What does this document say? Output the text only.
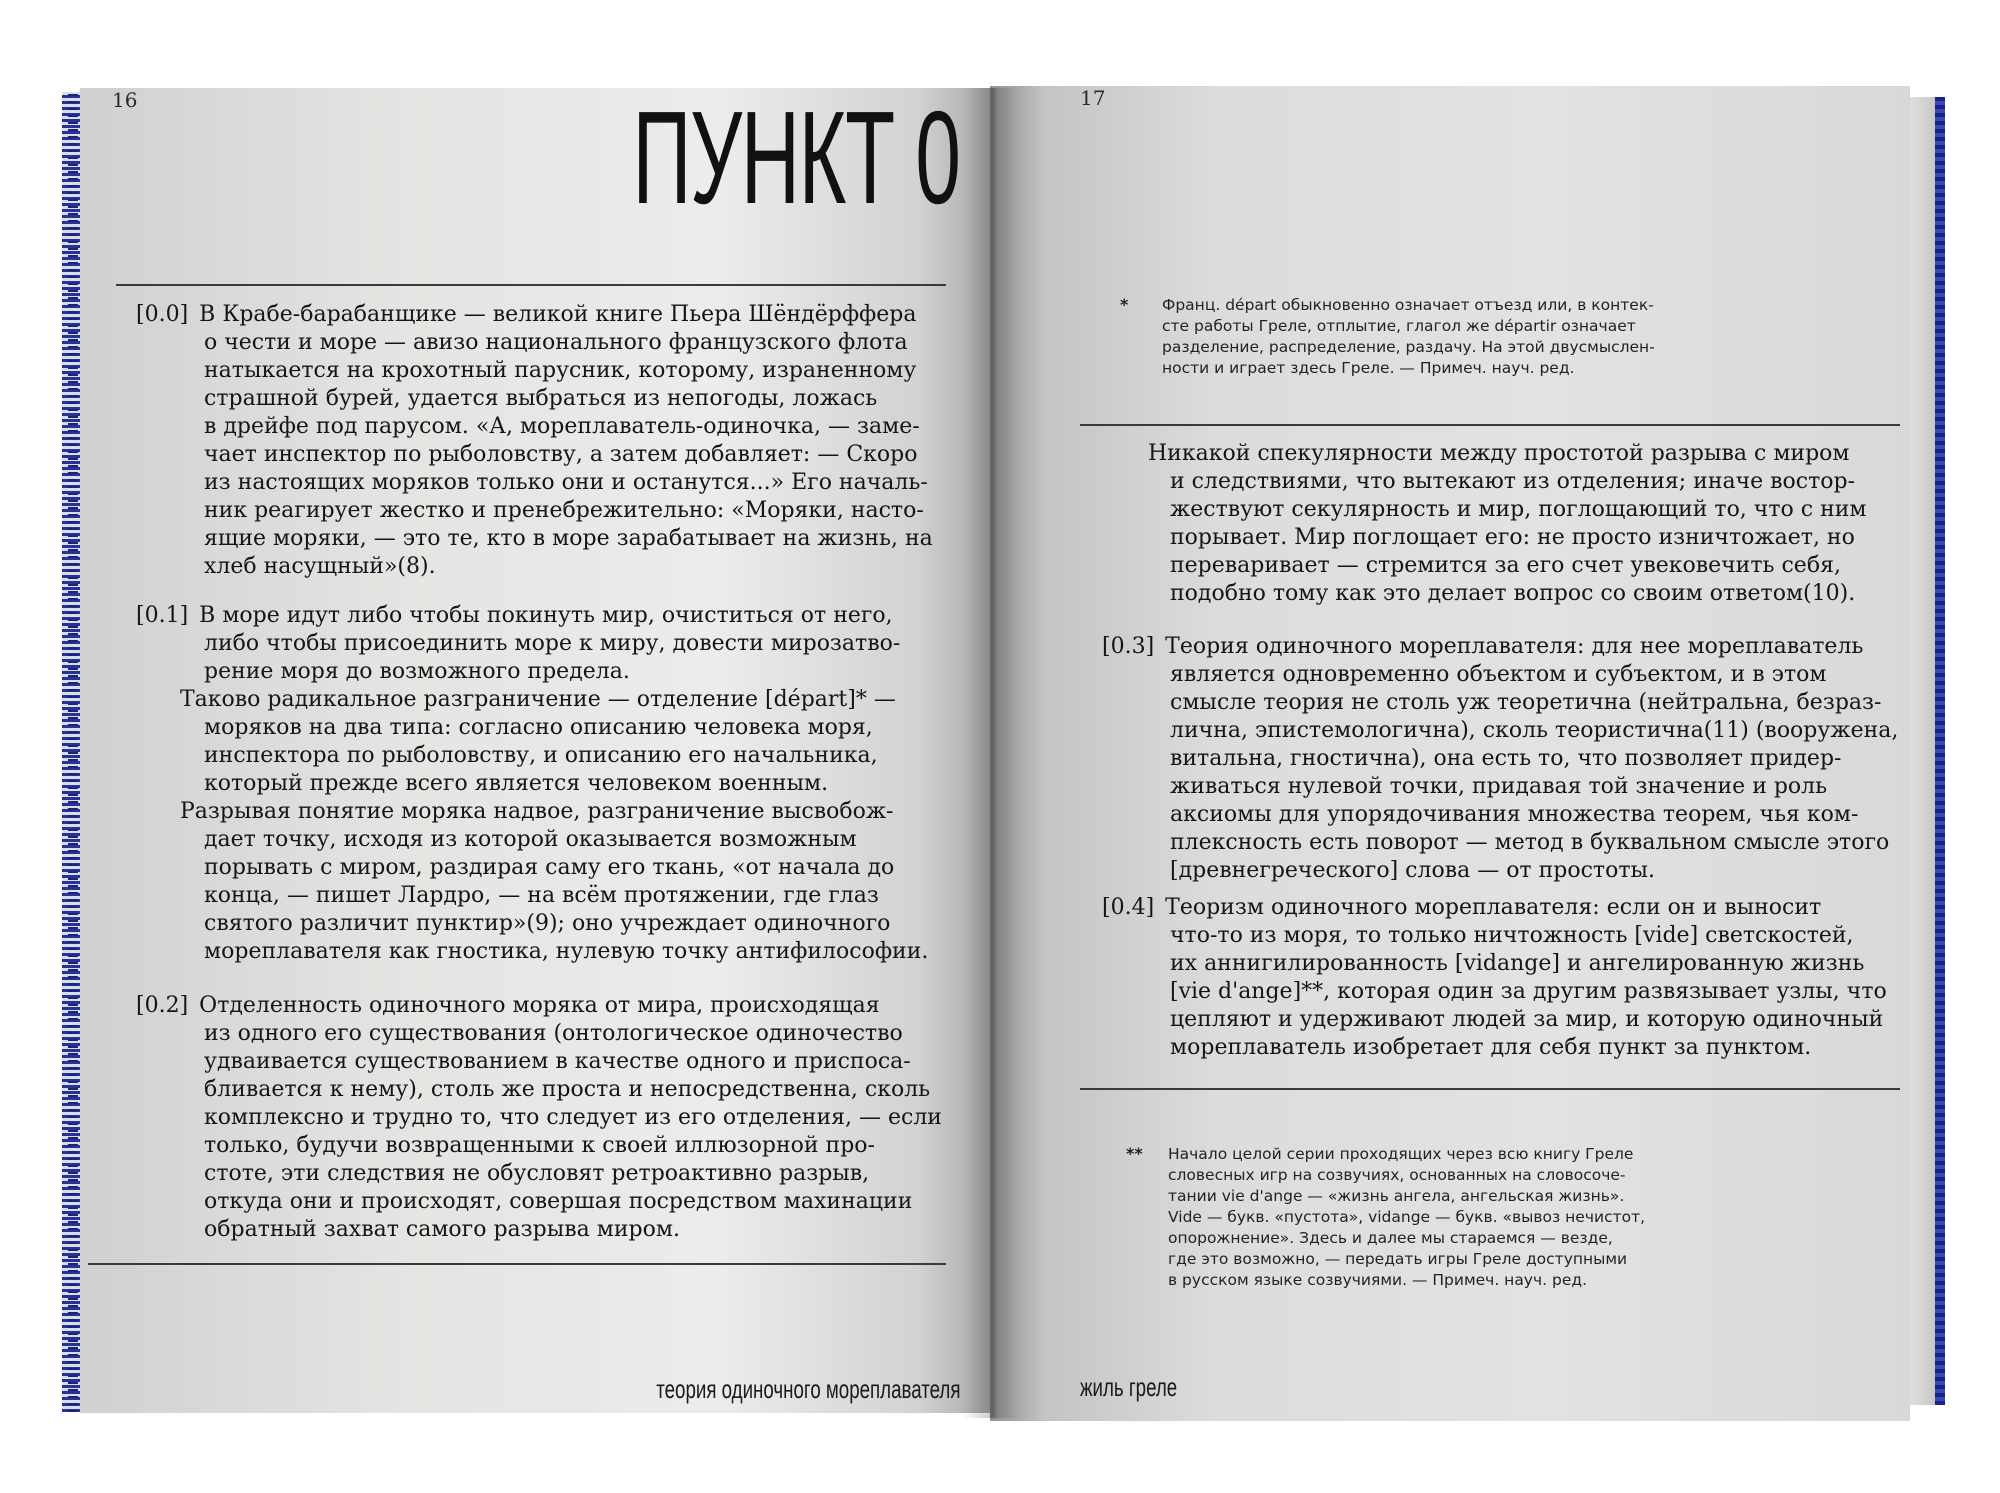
16	ПУНКТ 0
[0.0] В Крабе-барабанщике — великой книге Пьера Шёндёрффера
о чести и море — авизо национального французского флота
натыкается на крохотный парусник, которому, израненному
страшной бурей, удается выбраться из непогоды, ложась
в дрейфе под парусом. «А, мореплаватель-одиночка, — заме-
чает инспектор по рыболовству, а затем добавляет: — Скоро
из настоящих моряков только они и останутся...» Его началь-
ник реагирует жестко и пренебрежительно: «Моряки, насто-
ящие моряки, — это те, кто в море зарабатывает на жизнь, на
хлеб насущный»(8).
[0.1] В море идут либо чтобы покинуть мир, очиститься от него,
либо чтобы присоединить море к миру, довести мирозатво-
рение моря до возможного предела.
Таково радикальное разграничение — отделение [départ]* —
моряков на два типа: согласно описанию человека моря,
инспектора по рыболовству, и описанию его начальника,
который прежде всего является человеком военным.
Разрывая понятие моряка надвое, разграничение высвобож-
дает точку, исходя из которой оказывается возможным
порывать с миром, раздирая саму его ткань, «от начала до
конца, — пишет Лардро, — на всём протяжении, где глаз
святого различит пунктир»(9); оно учреждает одиночного
мореплавателя как гностика, нулевую точку антифилософии.
[0.2] Отделенность одиночного моряка от мира, происходящая
из одного его существования (онтологическое одиночество
удваивается существованием в качестве одного и приспоса-
бливается к нему), столь же проста и непосредственна, сколь
комплексно и трудно то, что следует из его отделения, — если
только, будучи возвращенными к своей иллюзорной про-
стоте, эти следствия не обусловят ретроактивно разрыв,
откуда они и происходят, совершая посредством махинации
обратный захват самого разрыва миром.
теория одиночного мореплавателя
17
* Франц. départ обыкновенно означает отъезд или, в контек-
сте работы Греле, отплытие, глагол же départir означает
разделение, распределение, раздачу. На этой двусмыслен-
ности и играет здесь Греле. — Примеч. науч. ред.
Никакой спекулярности между простотой разрыва с миром
и следствиями, что вытекают из отделения; иначе востор-
жествуют секулярность и мир, поглощающий то, что с ним
порывает. Мир поглощает его: не просто изничтожает, но
переваривает — стремится за его счет увековечить себя,
подобно тому как это делает вопрос со своим ответом(10).
[0.3] Теория одиночного мореплавателя: для нее мореплаватель
является одновременно объектом и субъектом, и в этом
смысле теория не столь уж теоретична (нейтральна, безраз-
лична, эпистемологична), сколь теористична(11) (вооружена,
витальна, гностична), она есть то, что позволяет придер-
живаться нулевой точки, придавая той значение и роль
аксиомы для упорядочивания множества теорем, чья ком-
плексность есть поворот — метод в буквальном смысле этого
[древнегреческого] слова — от простоты.
[0.4] Теоризм одиночного мореплавателя: если он и выносит
что-то из моря, то только ничтожность [vide] светскостей,
их аннигилированность [vidange] и ангелированную жизнь
[vie d'ange]**, которая один за другим развязывает узлы, что
цепляют и удерживают людей за мир, и которую одиночный
мореплаватель изобретает для себя пункт за пунктом.
** Начало целой серии проходящих через всю книгу Греле
словесных игр на созвучиях, основанных на словосоче-
тании vie d'ange — «жизнь ангела, ангельская жизнь».
Vide — букв. «пустота», vidange — букв. «вывоз нечистот,
опорожнение». Здесь и далее мы стараемся — везде,
где это возможно, — передать игры Греле доступными
в русском языке созвучиями. — Примеч. науч. ред.
жиль греле
